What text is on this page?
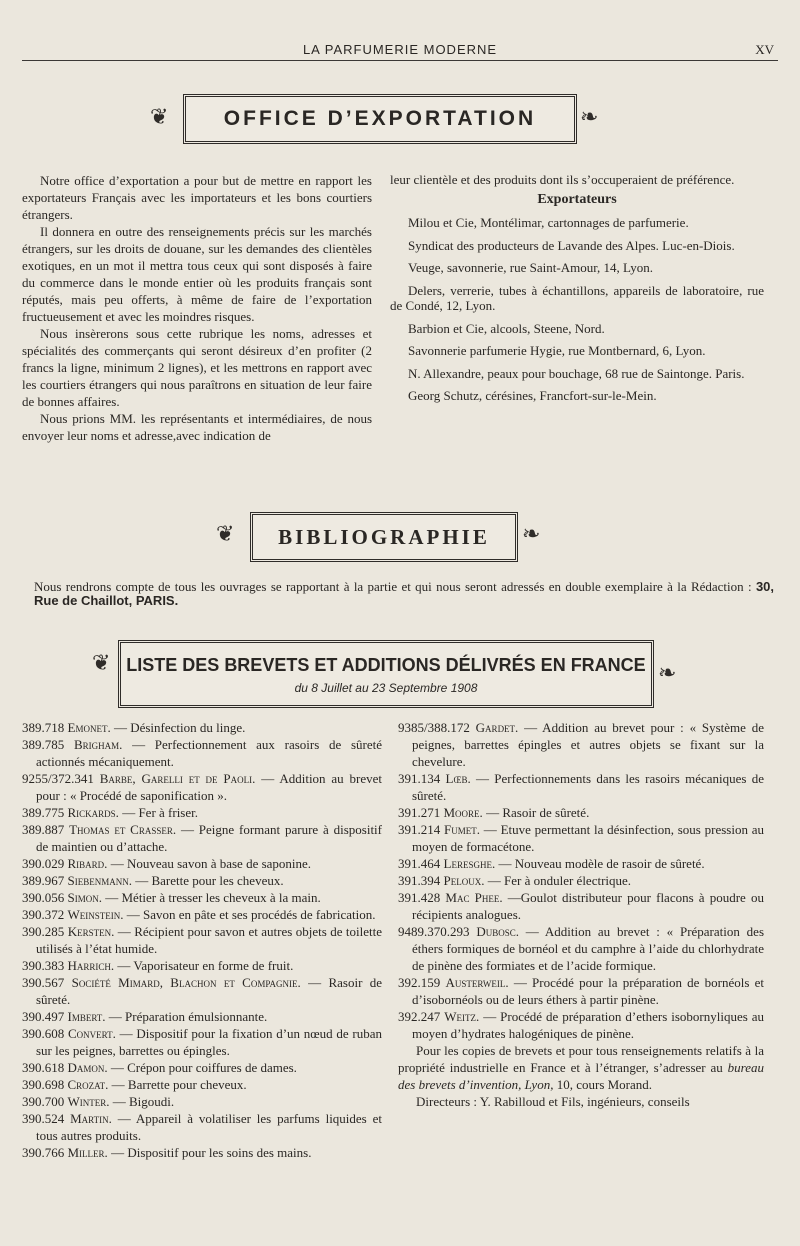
LA PARFUMERIE MODERNE	XV
❦	OFFICE D’EXPORTATION	❧

Notre office d’exportation a pour but de mettre en rapport les exportateurs Français avec les importateurs et les bons courtiers étrangers.

Il donnera en outre des renseignements précis sur les marchés étrangers, sur les droits de douane, sur les demandes des clientèles exotiques, en un mot il mettra tous ceux qui sont disposés à faire du commerce dans le monde entier où les produits français sont réputés, mais peu offerts, à même de faire de l’exportation fructueusement et avec les moindres risques.

Nous insèrerons sous cette rubrique les noms, adresses et spécialités des commerçants qui seront désireux d’en profiter (2 francs la ligne, minimum 2 lignes), et les mettrons en rapport avec les courtiers étrangers qui nous paraîtrons en situation de leur faire de bonnes affaires.

Nous prions MM. les représentants et intermédiaires, de nous envoyer leur noms et adresse,avec indication de

leur clientèle et des produits dont ils s’occuperaient de préférence.

Exportateurs

Milou et Cie, Montélimar, cartonnages de parfumerie.

Syndicat des producteurs de Lavande des Alpes. Luc-en-Diois.

Veuge, savonnerie, rue Saint-Amour, 14, Lyon.

Delers, verrerie, tubes à échantillons, appareils de laboratoire, rue de Condé, 12, Lyon.

Barbion et Cie, alcools, Steene, Nord.

Savonnerie parfumerie Hygie, rue Montbernard, 6, Lyon.

N. Allexandre, peaux pour bouchage, 68 rue de Saintonge. Paris.

Georg Schutz, cérésines, Francfort-sur-le-Mein.

❦	BIBLIOGRAPHIE	❧
Nous rendrons compte de tous les ouvrages se rapportant à la partie et qui nous seront adressés en double exemplaire à la Rédaction : 30, Rue de Chaillot, PARIS.
❦ LISTE DES BREVETS ET ADDITIONS DÉLIVRÉS EN FRANCE
du 8 Juillet au 23 Septembre 1908
❧

389.718 Emonet. — Désinfection du linge.

389.785 Brigham. — Perfectionnement aux rasoirs de sûreté actionnés mécaniquement.

9255/372.341 Barbe, Garelli et de Paoli. — Addition au brevet pour : « Procédé de saponification ».

389.775 Rickards. — Fer à friser.

389.887 Thomas et Crasser. — Peigne formant parure à dispositif de maintien ou d’attache.

390.029 Ribard. — Nouveau savon à base de saponine.

389.967 Siebenmann. — Barette pour les cheveux.

390.056 Simon. — Métier à tresser les cheveux à la main.

390.372 Weinstein. — Savon en pâte et ses procédés de fabrication.

390.285 Kersten. — Récipient pour savon et autres objets de toilette utilisés à l’état humide.

390.383 Harrich. — Vaporisateur en forme de fruit.

390.567 Société Mimard, Blachon et Compagnie. — Rasoir de sûreté.

390.497 Imbert. — Préparation émulsionnante.

390.608 Convert. — Dispositif pour la fixation d’un nœud de ruban sur les peignes, barrettes ou épingles.

390.618 Damon. — Crépon pour coiffures de dames.

390.698 Crozat. — Barrette pour cheveux.

390.700 Winter. — Bigoudi.

390.524 Martin. — Appareil à volatiliser les parfums liquides et tous autres produits.

390.766 Miller. — Dispositif pour les soins des mains.

9385/388.172 Gardet. — Addition au brevet pour : « Système de peignes, barrettes épingles et autres objets se fixant sur la chevelure.

391.134 Lœb. — Perfectionnements dans les rasoirs mécaniques de sûreté.

391.271 Moore. — Rasoir de sûreté.

391.214 Fumet. — Etuve permettant la désinfection, sous pression au moyen de formacétone.

391.464 Leresghe. — Nouveau modèle de rasoir de sûreté.

391.394 Peloux. — Fer à onduler électrique.

391.428 Mac Phee. —Goulot distributeur pour flacons à poudre ou récipients analogues.

9489.370.293 Dubosc. — Addition au brevet : « Préparation des éthers formiques de bornéol et du camphre à l’aide du chlorhydrate de pinène des formiates et de l’acide formique.

392.159 Austerweil. — Procédé pour la préparation de bornéols et d’isobornéols ou de leurs éthers à partir pinène.

392.247 Weitz. — Procédé de préparation d’ethers isobornyliques au moyen d’hydrates halogéniques de pinène.

Pour les copies de brevets et pour tous renseignements relatifs à la propriété industrielle en France et à l’étranger, s’adresser au bureau des brevets d’invention, Lyon, 10, cours Morand.

Directeurs : Y. Rabilloud et Fils, ingénieurs, conseils
